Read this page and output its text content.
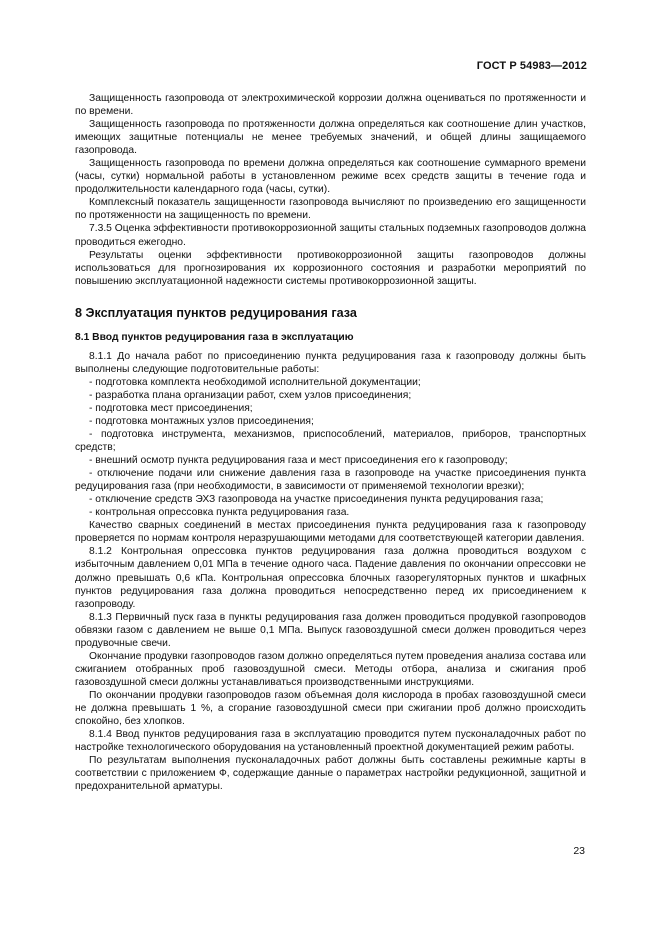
ГОСТ Р 54983—2012

Защищенность газопровода от электрохимической коррозии должна оцениваться по протяженности и по времени.

Защищенность газопровода по протяженности должна определяться как соотношение длин участков, имеющих защитные потенциалы не менее требуемых значений, и общей длины защищаемого газопровода.

Защищенность газопровода по времени должна определяться как соотношение суммарного времени (часы, сутки) нормальной работы в установленном режиме всех средств защиты в течение года и продолжительности календарного года (часы, сутки).

Комплексный показатель защищенности газопровода вычисляют по произведению его защищенности по протяженности на защищенность по времени.

7.3.5 Оценка эффективности противокоррозионной защиты стальных подземных газопроводов должна проводиться ежегодно.

Результаты оценки эффективности противокоррозионной защиты газопроводов должны использоваться для прогнозирования их коррозионного состояния и разработки мероприятий по повышению эксплуатационной надежности системы противокоррозионной защиты.

8 Эксплуатация пунктов редуцирования газа
8.1 Ввод пунктов редуцирования газа в эксплуатацию

8.1.1 До начала работ по присоединению пункта редуцирования газа к газопроводу должны быть выполнены следующие подготовительные работы:

- подготовка комплекта необходимой исполнительной документации;

- разработка плана организации работ, схем узлов присоединения;

- подготовка мест присоединения;

- подготовка монтажных узлов присоединения;

- подготовка инструмента, механизмов, приспособлений, материалов, приборов, транспортных средств;

- внешний осмотр пункта редуцирования газа и мест присоединения его к газопроводу;

- отключение подачи или снижение давления газа в газопроводе на участке присоединения пункта редуцирования газа (при необходимости, в зависимости от применяемой технологии врезки);

- отключение средств ЭХЗ газопровода на участке присоединения пункта редуцирования газа;

- контрольная опрессовка пункта редуцирования газа.

Качество сварных соединений в местах присоединения пункта редуцирования газа к газопроводу проверяется по нормам контроля неразрушающими методами для соответствующей категории давления.

8.1.2 Контрольная опрессовка пунктов редуцирования газа должна проводиться воздухом с избыточным давлением 0,01 МПа в течение одного часа. Падение давления по окончании опрессовки не должно превышать 0,6 кПа. Контрольная опрессовка блочных газорегуляторных пунктов и шкафных пунктов редуцирования газа должна проводиться непосредственно перед их присоединением к газопроводу.

8.1.3 Первичный пуск газа в пункты редуцирования газа должен проводиться продувкой газопроводов обвязки газом с давлением не выше 0,1 МПа. Выпуск газовоздушной смеси должен проводиться через продувочные свечи.

Окончание продувки газопроводов газом должно определяться путем проведения анализа состава или сжиганием отобранных проб газовоздушной смеси. Методы отбора, анализа и сжигания проб газовоздушной смеси должны устанавливаться производственными инструкциями.

По окончании продувки газопроводов газом объемная доля кислорода в пробах газовоздушной смеси не должна превышать 1 %, а сгорание газовоздушной смеси при сжигании проб должно происходить спокойно, без хлопков.

8.1.4 Ввод пунктов редуцирования газа в эксплуатацию проводится путем пусконаладочных работ по настройке технологического оборудования на установленный проектной документацией режим работы.

По результатам выполнения пусконаладочных работ должны быть составлены режимные карты в соответствии с приложением Ф, содержащие данные о параметрах настройки редукционной, защитной и предохранительной арматуры.

23
